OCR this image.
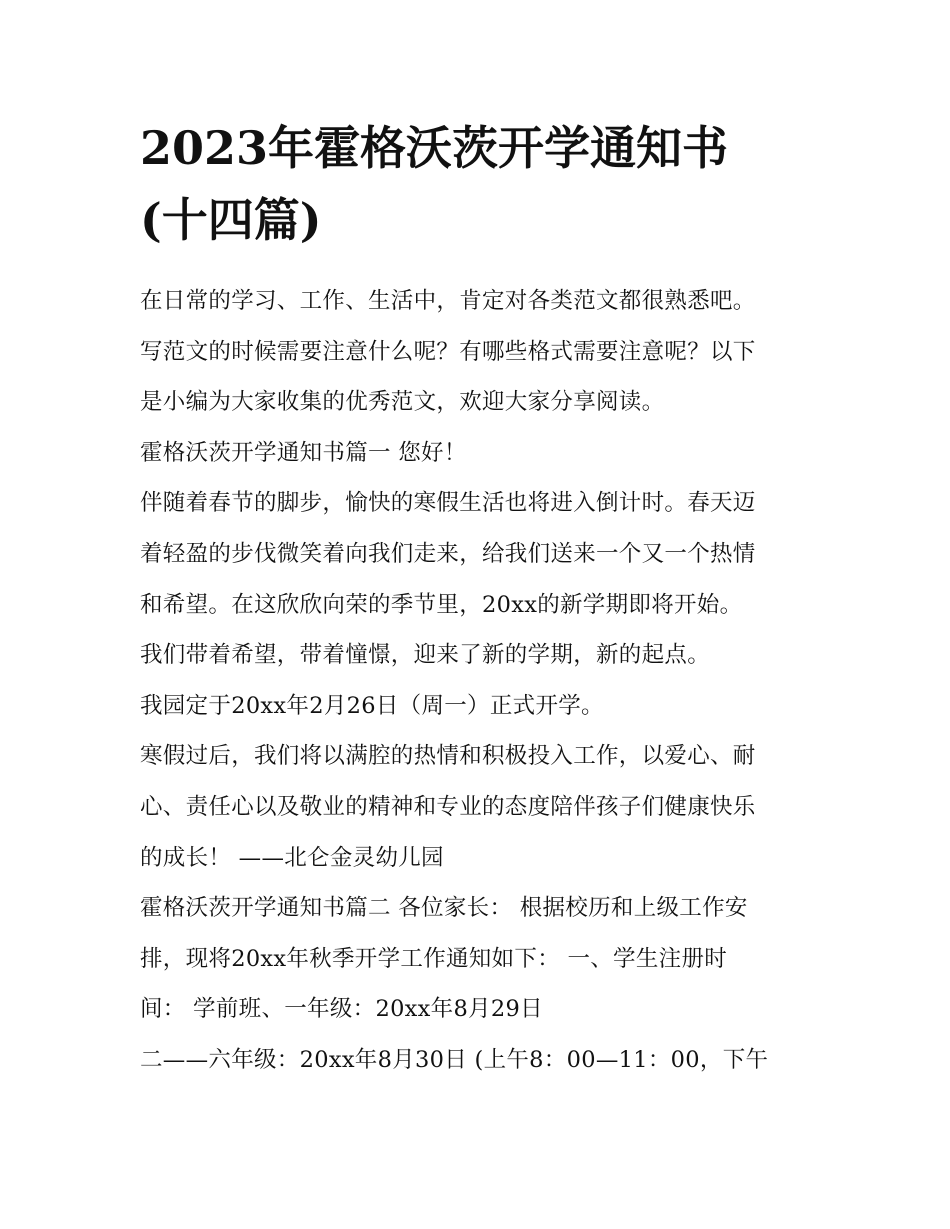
2023年霍格沃茨开学通知书
(十四篇)
在日常的学习、工作、生活中，肯定对各类范文都很熟悉吧。
写范文的时候需要注意什么呢？有哪些格式需要注意呢？以下
是小编为大家收集的优秀范文，欢迎大家分享阅读。
霍格沃茨开学通知书篇一 您好！
伴随着春节的脚步，愉快的寒假生活也将进入倒计时。春天迈
着轻盈的步伐微笑着向我们走来，给我们送来一个又一个热情
和希望。在这欣欣向荣的季节里，20xx的新学期即将开始。
我们带着希望，带着憧憬，迎来了新的学期，新的起点。
我园定于20xx年2月26日（周一）正式开学。
寒假过后，我们将以满腔的热情和积极投入工作，以爱心、耐
心、责任心以及敬业的精神和专业的态度陪伴孩子们健康快乐
的成长！ ——北仑金灵幼儿园
霍格沃茨开学通知书篇二 各位家长： 根据校历和上级工作安
排，现将20xx年秋季开学工作通知如下： 一、学生注册时
间： 学前班、一年级：20xx年8月29日
二——六年级：20xx年8月30日 (上午8：00—11：00，下午
